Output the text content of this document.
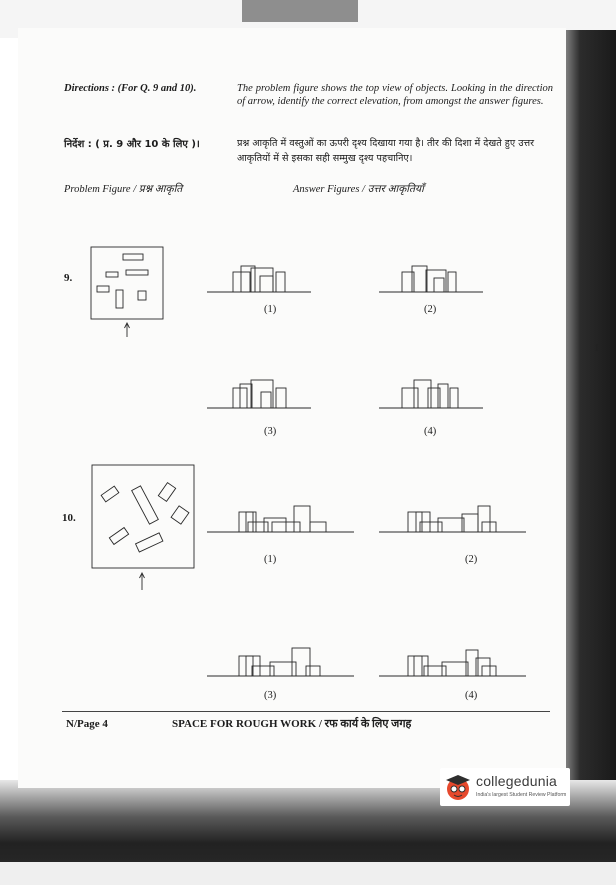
1
Directions : (For Q. 9 and 10).	The problem figure shows the top view of objects. Looking in the direction of arrow, identify the correct elevation, from amongst the answer figures.
निर्देश : ( प्र. 9 और 10 के लिए )।	प्रश्न आकृति में वस्तुओं का ऊपरी दृश्य दिखाया गया है। तीर की दिशा में देखते हुए उत्तर आकृतियों में से इसका सही सम्मुख दृश्य पहचानिए।
Problem Figure / प्रश्न आकृति	Answer Figures / उत्तर आकृतियाँ
9.
(1)	(2)
(3)	(4)
10.
(1)	(2)
(3)	(4)
N/Page 4	SPACE FOR ROUGH WORK / रफ कार्य के लिए जगह
collegedunia
India's largest Student Review Platform
